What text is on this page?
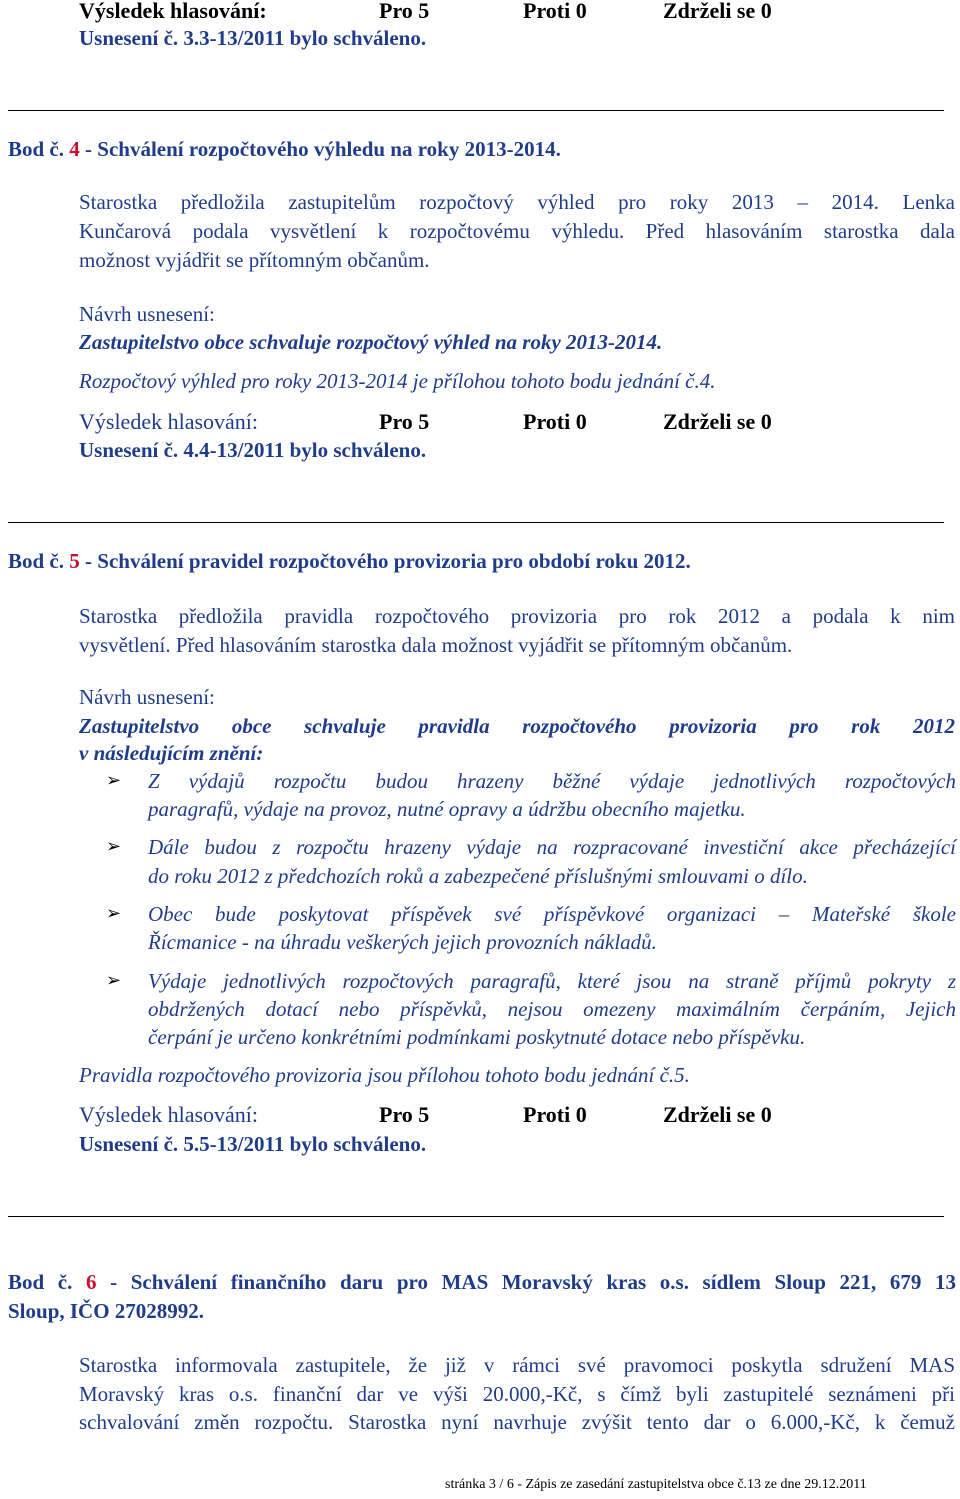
Výsledek hlasování:	Pro 5	Proti 0	Zdrželi se 0
Usnesení č. 3.3-13/2011 bylo schváleno.
Bod č. 4 - Schválení rozpočtového výhledu na roky 2013-2014.
Starostka předložila zastupitelům rozpočtový výhled pro roky 2013 – 2014. Lenka
Kunčarová podala vysvětlení k rozpočtovému výhledu. Před hlasováním starostka dala
možnost vyjádřit se přítomným občanům.
Návrh usnesení:
Zastupitelstvo obce schvaluje rozpočtový výhled na roky 2013-2014.
Rozpočtový výhled pro roky 2013-2014 je přílohou tohoto bodu jednání č.4.
Výsledek hlasování:	Pro 5	Proti 0	Zdrželi se 0
Usnesení č. 4.4-13/2011 bylo schváleno.
Bod č. 5 - Schválení pravidel rozpočtového provizoria pro období roku 2012.
Starostka předložila pravidla rozpočtového provizoria pro rok 2012 a podala k nim
vysvětlení. Před hlasováním starostka dala možnost vyjádřit se přítomným občanům.
Návrh usnesení:
Zastupitelstvo obce schvaluje pravidla rozpočtového provizoria pro rok 2012
v následujícím znění:
➢ Z výdajů rozpočtu budou hrazeny běžné výdaje jednotlivých rozpočtových
paragrafů, výdaje na provoz, nutné opravy a údržbu obecního majetku.
➢ Dále budou z rozpočtu hrazeny výdaje na rozpracované investiční akce přecházející
do roku 2012 z předchozích roků a zabezpečené příslušnými smlouvami o dílo.
➢ Obec bude poskytovat příspěvek své příspěvkové organizaci – Mateřské škole
Řícmanice - na úhradu veškerých jejich provozních nákladů.
➢ Výdaje jednotlivých rozpočtových paragrafů, které jsou na straně příjmů pokryty z
obdržených dotací nebo příspěvků, nejsou omezeny maximálním čerpáním, Jejich
čerpání je určeno konkrétními podmínkami poskytnuté dotace nebo příspěvku.
Pravidla rozpočtového provizoria jsou přílohou tohoto bodu jednání č.5.
Výsledek hlasování:	Pro 5	Proti 0	Zdrželi se 0
Usnesení č. 5.5-13/2011 bylo schváleno.
Bod č. 6 - Schválení finančního daru pro MAS Moravský kras o.s. sídlem Sloup 221, 679 13
Sloup, IČO 27028992.
Starostka informovala zastupitele, že již v rámci své pravomoci poskytla sdružení MAS
Moravský kras o.s. finanční dar ve výši 20.000,-Kč, s čímž byli zastupitelé seznámeni při
schvalování změn rozpočtu. Starostka nyní navrhuje zvýšit tento dar o 6.000,-Kč, k čemuž
stránka 3 / 6 - Zápis ze zasedání zastupitelstva obce č.13 ze dne 29.12.2011
